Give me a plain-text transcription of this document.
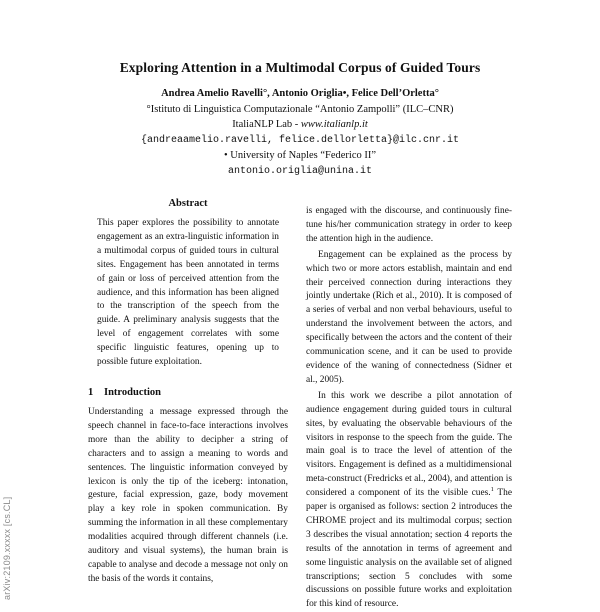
arXiv:2109.xxxxx [cs.CL]
Exploring Attention in a Multimodal Corpus of Guided Tours
Andrea Amelio Ravelli°, Antonio Origlia•, Felice Dell’Orletta°
°Istituto di Linguistica Computazionale “Antonio Zampolli” (ILC–CNR)
ItaliaNLP Lab - www.italianlp.it
{andreaamelio.ravelli, felice.dellorletta}@ilc.cnr.it
• University of Naples “Federico II”
antonio.origlia@unina.it
Abstract

This paper explores the possibility to annotate engagement as an extra-linguistic information in a multimodal corpus of guided tours in cultural sites. Engagement has been annotated in terms of gain or loss of perceived attention from the audience, and this information has been aligned to the transcription of the speech from the guide. A preliminary analysis suggests that the level of engagement correlates with some specific linguistic features, opening up to possible future exploitation.

1 Introduction

Understanding a message expressed through the speech channel in face-to-face interactions involves more than the ability to decipher a string of characters and to assign a meaning to words and sentences. The linguistic information conveyed by lexicon is only the tip of the iceberg: intonation, gesture, facial expression, gaze, body movement play a key role in spoken communication. By summing the information in all these complementary modalities acquired through different channels (i.e. auditory and visual systems), the human brain is capable to analyse and decode a message not only on the basis of the words it contains,

is engaged with the discourse, and continuously fine-tune his/her communication strategy in order to keep the attention high in the audience.

Engagement can be explained as the process by which two or more actors establish, maintain and end their perceived connection during interactions they jointly undertake (Rich et al., 2010). It is composed of a series of verbal and non verbal behaviours, useful to understand the involvement between the actors, and specifically between the actors and the content of their communication scene, and it can be used to provide evidence of the waning of connectedness (Sidner et al., 2005).

In this work we describe a pilot annotation of audience engagement during guided tours in cultural sites, by evaluating the observable behaviours of the visitors in response to the speech from the guide. The main goal is to trace the level of attention of the visitors. Engagement is defined as a multidimensional meta-construct (Fredricks et al., 2004), and attention is considered a component of its the visible cues.$^1$ The paper is organised as follows: section 2 introduces the CHROME project and its multimodal corpus; section 3 describes the visual annotation; section 4 reports the results of the annotation in terms of agreement and some linguistic analysis on the available set of aligned transcriptions; section 5 concludes with some discussions on possible future works and exploitation for this kind of resource.
